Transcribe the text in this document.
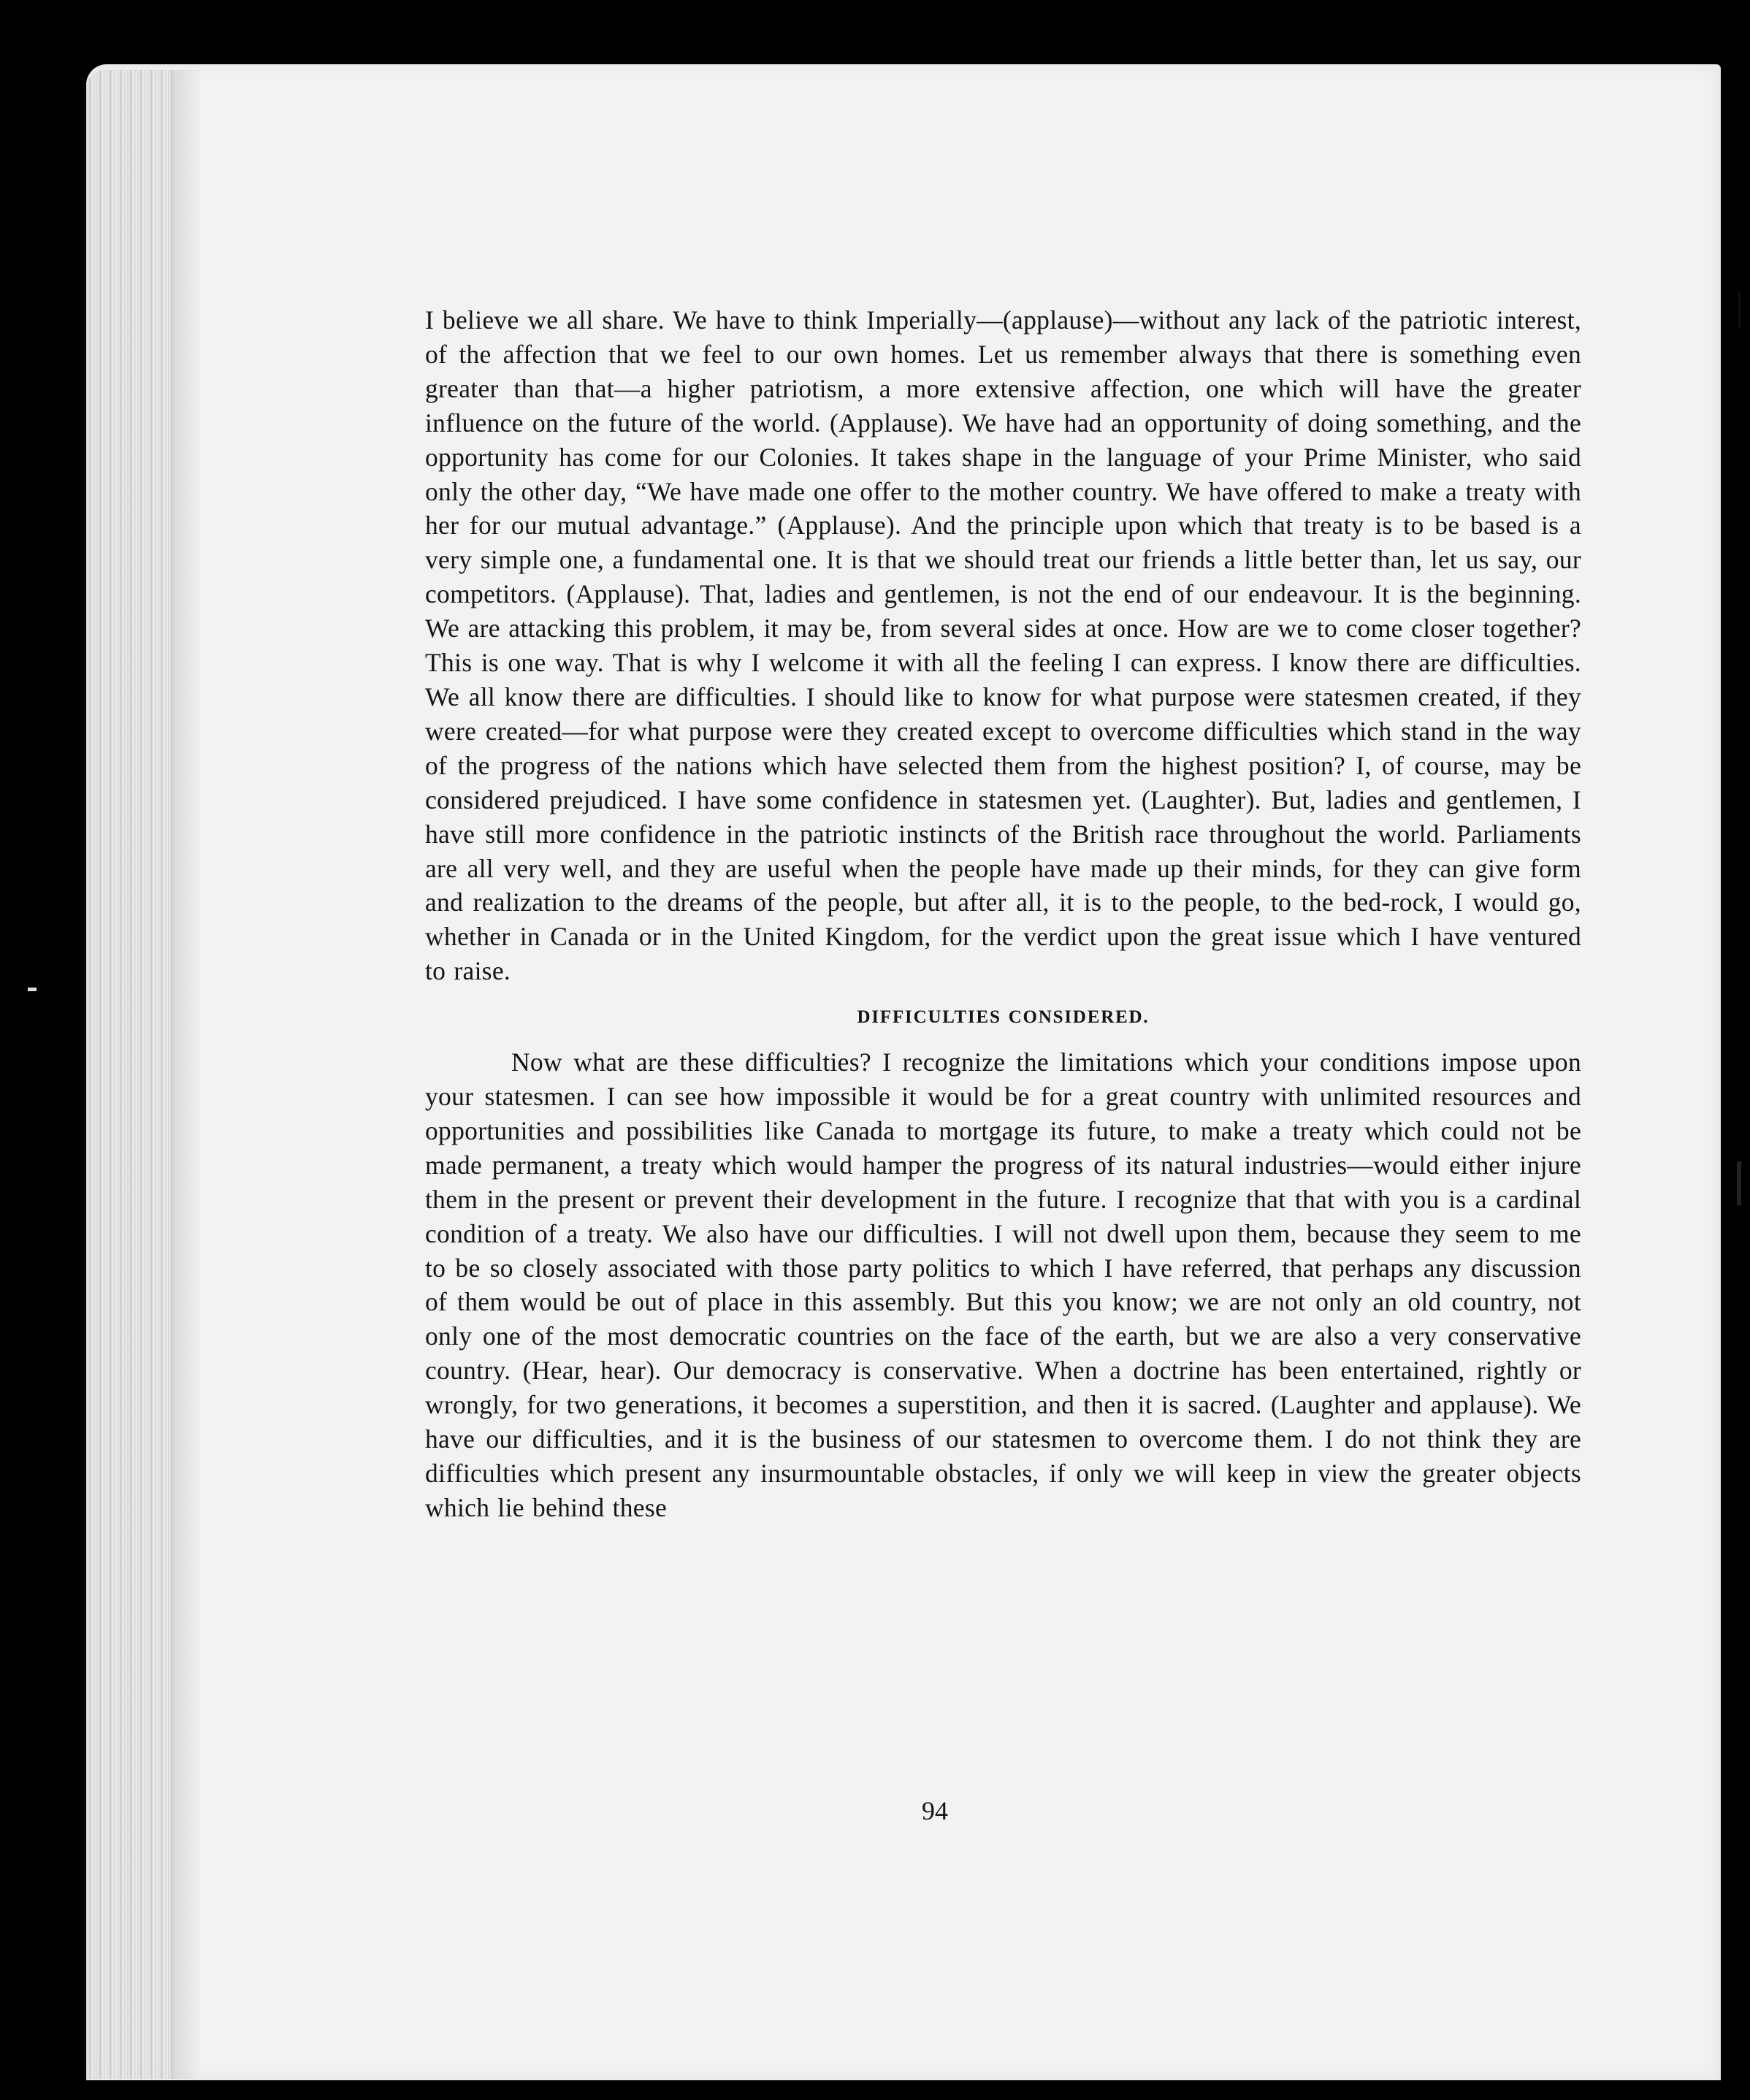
I believe we all share. We have to think Imperially—(applause)—without any lack of the patriotic interest, of the affection that we feel to our own homes. Let us remember always that there is something even greater than that—a higher patriotism, a more extensive affection, one which will have the greater influence on the future of the world. (Applause). We have had an opportunity of doing something, and the opportunity has come for our Colonies. It takes shape in the language of your Prime Minister, who said only the other day, “We have made one offer to the mother country. We have offered to make a treaty with her for our mutual advantage.” (Applause). And the principle upon which that treaty is to be based is a very simple one, a fundamental one. It is that we should treat our friends a little better than, let us say, our competitors. (Applause). That, ladies and gentlemen, is not the end of our endeavour. It is the beginning. We are attacking this problem, it may be, from several sides at once. How are we to come closer together? This is one way. That is why I welcome it with all the feeling I can express. I know there are difficulties. We all know there are difficulties. I should like to know for what purpose were statesmen created, if they were created—for what purpose were they created except to overcome difficulties which stand in the way of the progress of the nations which have selected them from the highest position? I, of course, may be considered prejudiced. I have some confidence in statesmen yet. (Laughter). But, ladies and gentlemen, I have still more confidence in the patriotic instincts of the British race throughout the world. Parliaments are all very well, and they are useful when the people have made up their minds, for they can give form and realization to the dreams of the people, but after all, it is to the people, to the bed-rock, I would go, whether in Canada or in the United Kingdom, for the verdict upon the great issue which I have ventured to raise.

DIFFICULTIES CONSIDERED.

Now what are these difficulties? I recognize the limitations which your conditions impose upon your statesmen. I can see how impossible it would be for a great country with unlimited resources and opportunities and possibilities like Canada to mortgage its future, to make a treaty which could not be made permanent, a treaty which would hamper the progress of its natural industries—would either injure them in the present or prevent their development in the future. I recognize that that with you is a cardinal condition of a treaty. We also have our difficulties. I will not dwell upon them, because they seem to me to be so closely associated with those party politics to which I have referred, that perhaps any discussion of them would be out of place in this assembly. But this you know; we are not only an old country, not only one of the most democratic countries on the face of the earth, but we are also a very conservative country. (Hear, hear). Our democracy is conservative. When a doctrine has been entertained, rightly or wrongly, for two generations, it becomes a superstition, and then it is sacred. (Laughter and applause). We have our difficulties, and it is the business of our statesmen to overcome them. I do not think they are difficulties which present any insurmountable obstacles, if only we will keep in view the greater objects which lie behind these

94
